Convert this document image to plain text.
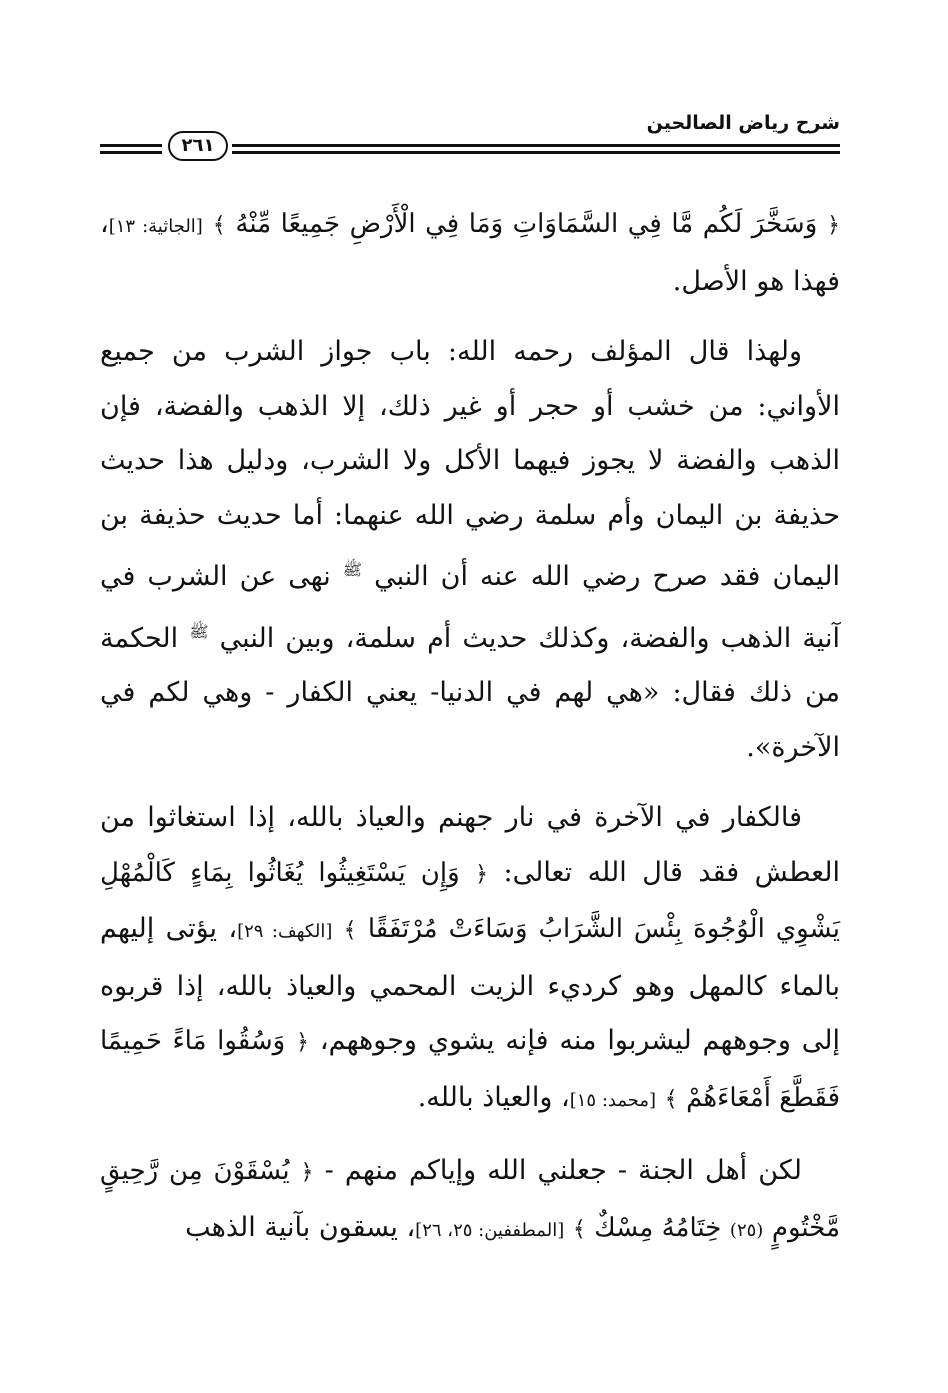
شرح رياض الصالحين
٢٦١

﴿ وَسَخَّرَ لَكُم مَّا فِي السَّمَاوَاتِ وَمَا فِي الْأَرْضِ جَمِيعًا مِّنْهُ ﴾ [الجاثية: ١٣]، فهذا هو الأصل.

ولهذا قال المؤلف رحمه الله: باب جواز الشرب من جميع الأواني: من خشب أو حجر أو غير ذلك، إلا الذهب والفضة، فإن الذهب والفضة لا يجوز فيهما الأكل ولا الشرب، ودليل هذا حديث حذيفة بن اليمان وأم سلمة رضي الله عنهما: أما حديث حذيفة بن اليمان فقد صرح رضي الله عنه أن النبي $^ﷺ$ نهى عن الشرب في آنية الذهب والفضة، وكذلك حديث أم سلمة، وبين النبي $^ﷺ$ الحكمة من ذلك فقال: «هي لهم في الدنيا- يعني الكفار - وهي لكم في الآخرة».

فالكفار في الآخرة في نار جهنم والعياذ بالله، إذا استغاثوا من العطش فقد قال الله تعالى: ﴿ وَإِن يَسْتَغِيثُوا يُغَاثُوا بِمَاءٍ كَالْمُهْلِ يَشْوِي الْوُجُوهَ بِئْسَ الشَّرَابُ وَسَاءَتْ مُرْتَفَقًا ﴾ [الكهف: ٢٩]، يؤتى إليهم بالماء كالمهل وهو كرديء الزيت المحمي والعياذ بالله، إذا قربوه إلى وجوههم ليشربوا منه فإنه يشوي وجوههم، ﴿ وَسُقُوا مَاءً حَمِيمًا فَقَطَّعَ أَمْعَاءَهُمْ ﴾ [محمد: ١٥]، والعياذ بالله.

لكن أهل الجنة - جعلني الله وإياكم منهم - ﴿ يُسْقَوْنَ مِن رَّحِيقٍ مَّخْتُومٍ (٢٥) خِتَامُهُ مِسْكٌ ﴾ [المطففين: ٢٥، ٢٦]، يسقون بآنية الذهب
